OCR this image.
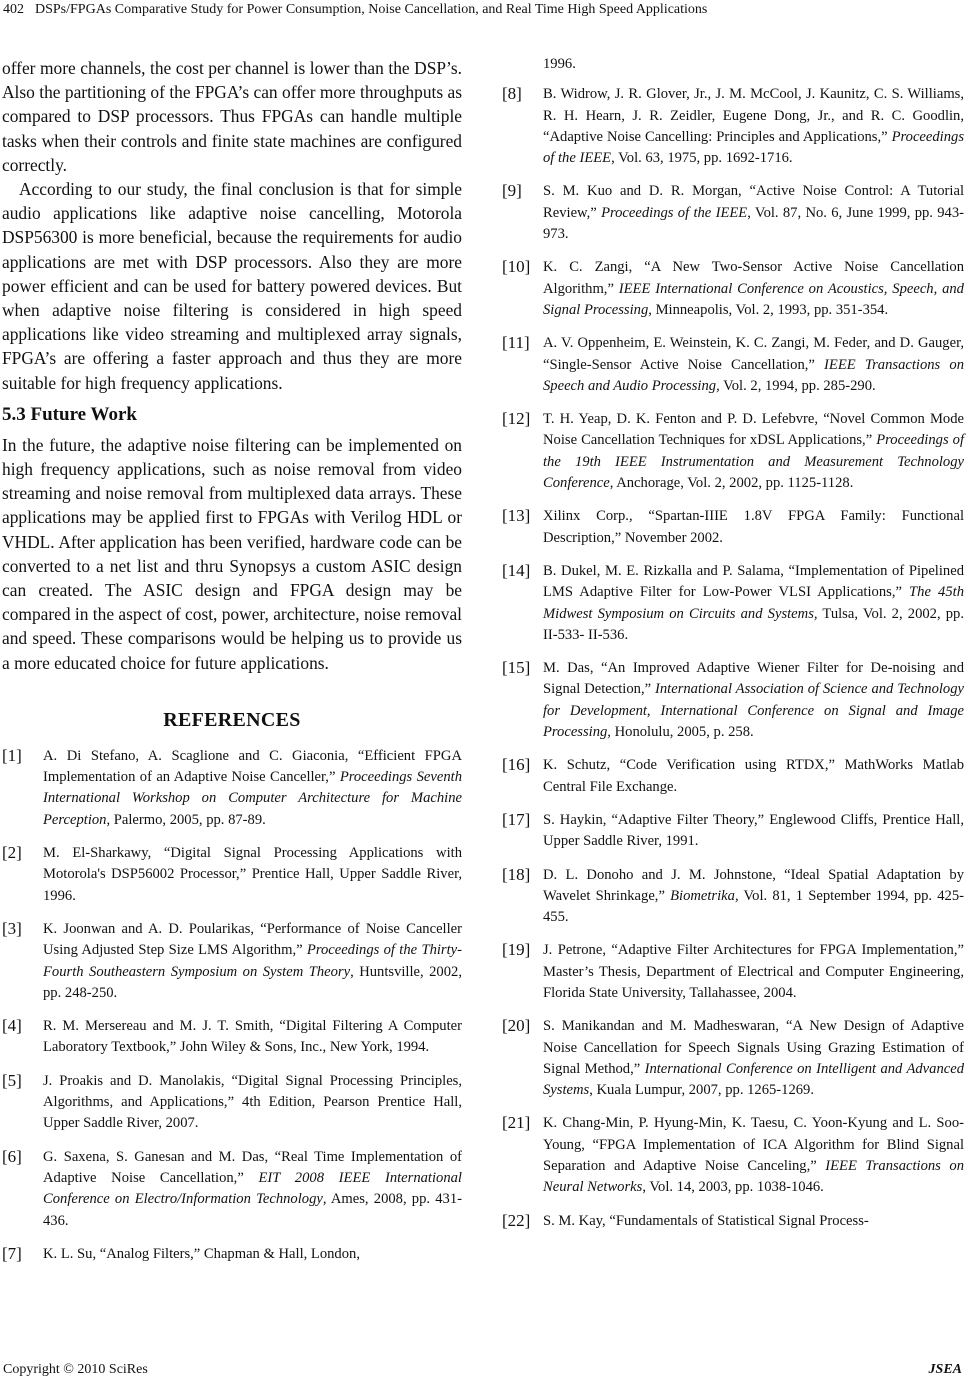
402 DSPs/FPGAs Comparative Study for Power Consumption, Noise Cancellation, and Real Time High Speed Applications

offer more channels, the cost per channel is lower than the DSP’s. Also the partitioning of the FPGA’s can offer more throughputs as compared to DSP processors. Thus FPGAs can handle multiple tasks when their controls and finite state machines are configured correctly.

According to our study, the final conclusion is that for simple audio applications like adaptive noise cancelling, Motorola DSP56300 is more beneficial, because the requirements for audio applications are met with DSP processors. Also they are more power efficient and can be used for battery powered devices. But when adaptive noise filtering is considered in high speed applications like video streaming and multiplexed array signals, FPGA’s are offering a faster approach and thus they are more suitable for high frequency applications.

5.3 Future Work

In the future, the adaptive noise filtering can be implemented on high frequency applications, such as noise removal from video streaming and noise removal from multiplexed data arrays. These applications may be applied first to FPGAs with Verilog HDL or VHDL. After application has been verified, hardware code can be converted to a net list and thru Synopsys a custom ASIC design can created. The ASIC design and FPGA design may be compared in the aspect of cost, power, architecture, noise removal and speed. These comparisons would be helping us to provide us a more educated choice for future applications.

REFERENCES
[1] A. Di Stefano, A. Scaglione and C. Giaconia, “Efficient FPGA Implementation of an Adaptive Noise Canceller,” Proceedings Seventh International Workshop on Computer Architecture for Machine Perception, Palermo, 2005, pp. 87-89.
[2] M. El-Sharkawy, “Digital Signal Processing Applications with Motorola's DSP56002 Processor,” Prentice Hall, Upper Saddle River, 1996.
[3] K. Joonwan and A. D. Poularikas, “Performance of Noise Canceller Using Adjusted Step Size LMS Algorithm,” Proceedings of the Thirty-Fourth Southeastern Symposium on System Theory, Huntsville, 2002, pp. 248-250.
[4] R. M. Mersereau and M. J. T. Smith, “Digital Filtering A Computer Laboratory Textbook,” John Wiley & Sons, Inc., New York, 1994.
[5] J. Proakis and D. Manolakis, “Digital Signal Processing Principles, Algorithms, and Applications,” 4th Edition, Pearson Prentice Hall, Upper Saddle River, 2007.
[6] G. Saxena, S. Ganesan and M. Das, “Real Time Implementation of Adaptive Noise Cancellation,” EIT 2008 IEEE International Conference on Electro/Information Technology, Ames, 2008, pp. 431-436.
[7] K. L. Su, “Analog Filters,” Chapman & Hall, London,
1996.
[8] B. Widrow, J. R. Glover, Jr., J. M. McCool, J. Kaunitz, C. S. Williams, R. H. Hearn, J. R. Zeidler, Eugene Dong, Jr., and R. C. Goodlin, “Adaptive Noise Cancelling: Principles and Applications,” Proceedings of the IEEE, Vol. 63, 1975, pp. 1692-1716.
[9] S. M. Kuo and D. R. Morgan, “Active Noise Control: A Tutorial Review,” Proceedings of the IEEE, Vol. 87, No. 6, June 1999, pp. 943-973.
[10] K. C. Zangi, “A New Two-Sensor Active Noise Cancellation Algorithm,” IEEE International Conference on Acoustics, Speech, and Signal Processing, Minneapolis, Vol. 2, 1993, pp. 351-354.
[11] A. V. Oppenheim, E. Weinstein, K. C. Zangi, M. Feder, and D. Gauger, “Single-Sensor Active Noise Cancellation,” IEEE Transactions on Speech and Audio Processing, Vol. 2, 1994, pp. 285-290.
[12] T. H. Yeap, D. K. Fenton and P. D. Lefebvre, “Novel Common Mode Noise Cancellation Techniques for xDSL Applications,” Proceedings of the 19th IEEE Instrumentation and Measurement Technology Conference, Anchorage, Vol. 2, 2002, pp. 1125-1128.
[13] Xilinx Corp., “Spartan-IIIE 1.8V FPGA Family: Functional Description,” November 2002.
[14] B. Dukel, M. E. Rizkalla and P. Salama, “Implementation of Pipelined LMS Adaptive Filter for Low-Power VLSI Applications,” The 45th Midwest Symposium on Circuits and Systems, Tulsa, Vol. 2, 2002, pp. II-533- II-536.
[15] M. Das, “An Improved Adaptive Wiener Filter for De-noising and Signal Detection,” International Association of Science and Technology for Development, International Conference on Signal and Image Processing, Honolulu, 2005, p. 258.
[16] K. Schutz, “Code Verification using RTDX,” MathWorks Matlab Central File Exchange.
[17] S. Haykin, “Adaptive Filter Theory,” Englewood Cliffs, Prentice Hall, Upper Saddle River, 1991.
[18] D. L. Donoho and J. M. Johnstone, “Ideal Spatial Adaptation by Wavelet Shrinkage,” Biometrika, Vol. 81, 1 September 1994, pp. 425-455.
[19] J. Petrone, “Adaptive Filter Architectures for FPGA Implementation,” Master’s Thesis, Department of Electrical and Computer Engineering, Florida State University, Tallahassee, 2004.
[20] S. Manikandan and M. Madheswaran, “A New Design of Adaptive Noise Cancellation for Speech Signals Using Grazing Estimation of Signal Method,” International Conference on Intelligent and Advanced Systems, Kuala Lumpur, 2007, pp. 1265-1269.
[21] K. Chang-Min, P. Hyung-Min, K. Taesu, C. Yoon-Kyung and L. Soo-Young, “FPGA Implementation of ICA Algorithm for Blind Signal Separation and Adaptive Noise Canceling,” IEEE Transactions on Neural Networks, Vol. 14, 2003, pp. 1038-1046.
[22] S. M. Kay, “Fundamentals of Statistical Signal Process-
Copyright © 2010 SciRes	JSEA
